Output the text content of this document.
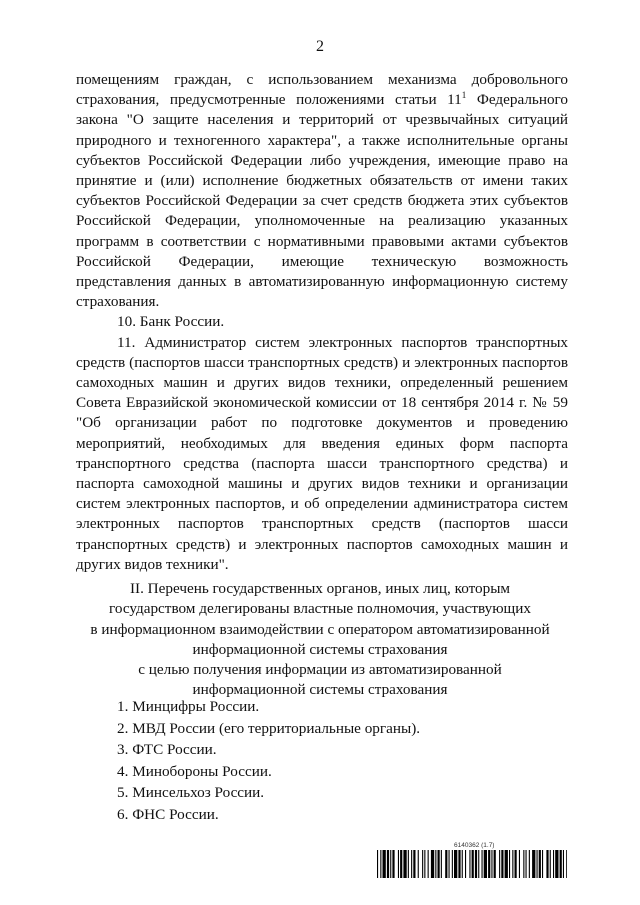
2

помещениям граждан, с использованием механизма добровольного страхования, предусмотренные положениями статьи $11^1$ Федерального закона "О защите населения и территорий от чрезвычайных ситуаций природного и техногенного характера", а также исполнительные органы субъектов Российской Федерации либо учреждения, имеющие право на принятие и (или) исполнение бюджетных обязательств от имени таких субъектов Российской Федерации за счет средств бюджета этих субъектов Российской Федерации, уполномоченные на реализацию указанных программ в соответствии с нормативными правовыми актами субъектов Российской Федерации, имеющие техническую возможность представления данных в автоматизированную информационную систему страхования.

10. Банк России.

11. Администратор систем электронных паспортов транспортных средств (паспортов шасси транспортных средств) и электронных паспортов самоходных машин и других видов техники, определенный решением Совета Евразийской экономической комиссии от 18 сентября 2014 г. № 59 "Об организации работ по подготовке документов и проведению мероприятий, необходимых для введения единых форм паспорта транспортного средства (паспорта шасси транспортного средства) и паспорта самоходной машины и других видов техники и организации систем электронных паспортов, и об определении администратора систем электронных паспортов транспортных средств (паспортов шасси транспортных средств) и электронных паспортов самоходных машин и других видов техники".

II. Перечень государственных органов, иных лиц, которым
государством делегированы властные полномочия, участвующих
в информационном взаимодействии с оператором автоматизированной
информационной системы страхования
с целью получения информации из автоматизированной
информационной системы страхования
1. Минцифры России.
2. МВД России (его территориальные органы).
3. ФТС России.
4. Минобороны России.
5. Минсельхоз России.
6. ФНС России.
6140362 (1.7)
